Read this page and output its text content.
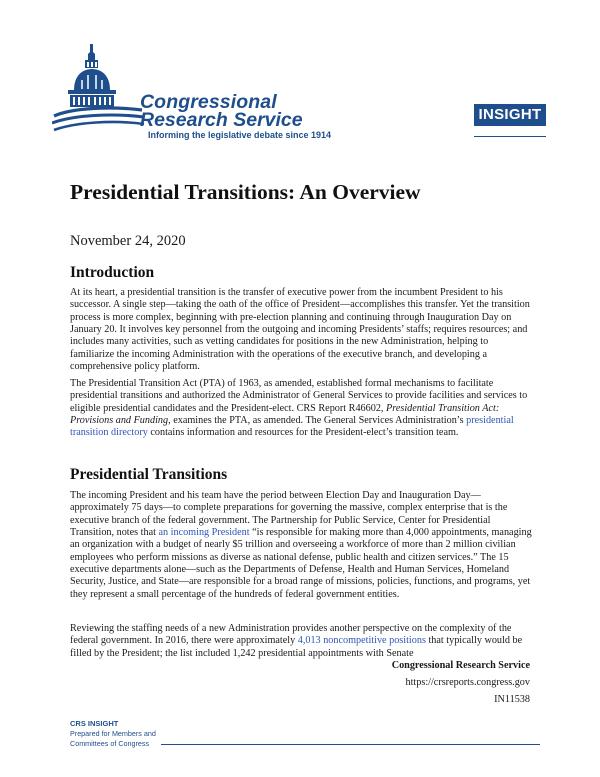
Congressional
Research Service
Informing the legislative debate since 1914
INSIGHT
Presidential Transitions: An Overview
November 24, 2020
Introduction

At its heart, a presidential transition is the transfer of executive power from the incumbent President to his successor. A single step—taking the oath of the office of President—accomplishes this transfer. Yet the transition process is more complex, beginning with pre-election planning and continuing through Inauguration Day on January 20. It involves key personnel from the outgoing and incoming Presidents’ staffs; requires resources; and includes many activities, such as vetting candidates for positions in the new Administration, helping to familiarize the incoming Administration with the operations of the executive branch, and developing a comprehensive policy platform.

The Presidential Transition Act (PTA) of 1963, as amended, established formal mechanisms to facilitate presidential transitions and authorized the Administrator of General Services to provide facilities and services to eligible presidential candidates and the President-elect. CRS Report R46602, Presidential Transition Act: Provisions and Funding, examines the PTA, as amended. The General Services Administration’s presidential transition directory contains information and resources for the President-elect’s transition team.

Presidential Transitions

The incoming President and his team have the period between Election Day and Inauguration Day—approximately 75 days—to complete preparations for governing the massive, complex enterprise that is the executive branch of the federal government. The Partnership for Public Service, Center for Presidential Transition, notes that an incoming President “is responsible for making more than 4,000 appointments, managing an organization with a budget of nearly $5 trillion and overseeing a workforce of more than 2 million civilian employees who perform missions as diverse as national defense, public health and citizen services.” The 15 executive departments alone—such as the Departments of Defense, Health and Human Services, Homeland Security, Justice, and State—are responsible for a broad range of missions, policies, functions, and programs, yet they represent a small percentage of the hundreds of federal government entities.

Reviewing the staffing needs of a new Administration provides another perspective on the complexity of the federal government. In 2016, there were approximately 4,013 noncompetitive positions that typically would be filled by the President; the list included 1,242 presidential appointments with Senate

Congressional Research Service
https://crsreports.congress.gov
IN11538
CRS INSIGHT
Prepared for Members and
Committees of Congress
